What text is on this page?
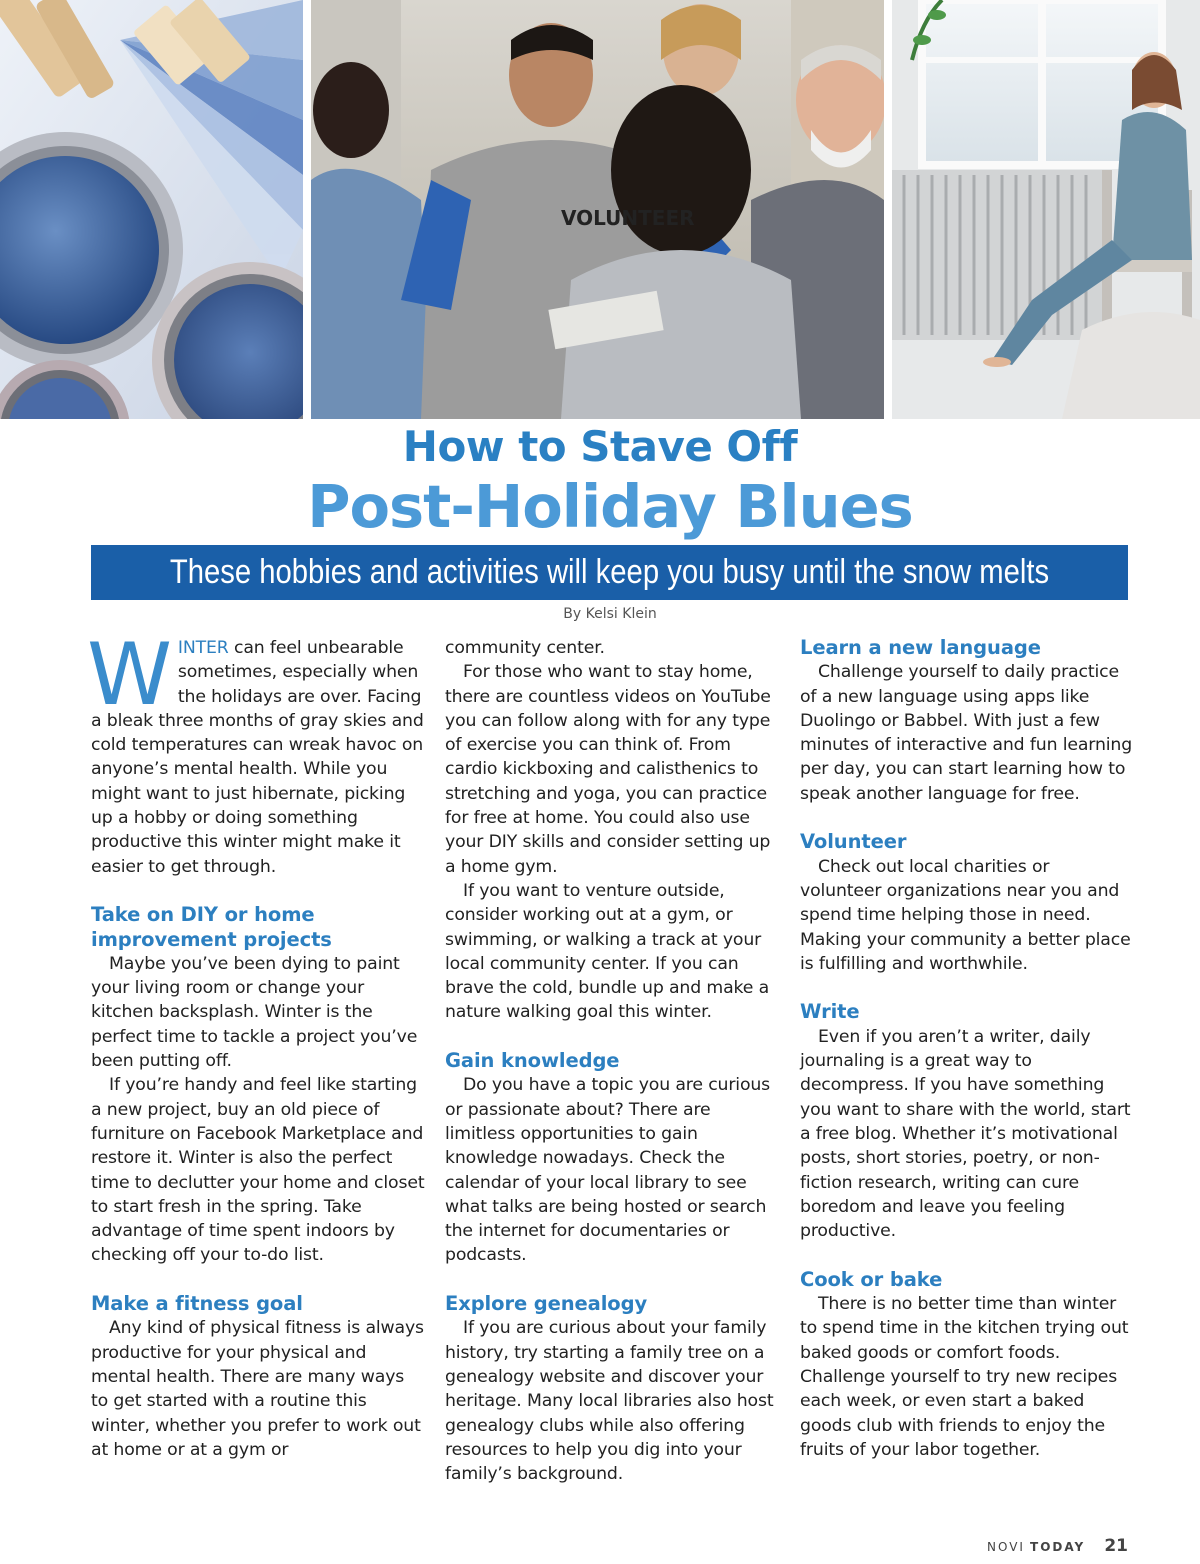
VOLUNTEER
How to Stave Off
Post-Holiday Blues

These hobbies and activities will keep you busy until the snow melts

By Kelsi Klein

WINTER can feel unbearable sometimes, especially when the holidays are over. Facing a bleak three months of gray skies and cold temperatures can wreak havoc on anyone’s mental health. While you might want to just hibernate, picking up a hobby or doing something productive this winter might make it easier to get through.

Take on DIY or home improvement projects

Maybe you’ve been dying to paint your living room or change your kitchen backsplash. Winter is the perfect time to tackle a project you’ve been putting off.

If you’re handy and feel like starting a new project, buy an old piece of furniture on Facebook Marketplace and restore it. Winter is also the perfect time to declutter your home and closet to start fresh in the spring. Take advantage of time spent indoors by checking off your to-do list.

Make a fitness goal

Any kind of physical fitness is always productive for your physical and mental health. There are many ways to get started with a routine this winter, whether you prefer to work out at home or at a gym or

community center.

For those who want to stay home, there are countless videos on YouTube you can follow along with for any type of exercise you can think of. From cardio kickboxing and calisthenics to stretching and yoga, you can practice for free at home. You could also use your DIY skills and consider setting up a home gym.

If you want to venture outside, consider working out at a gym, or swimming, or walking a track at your local community center. If you can brave the cold, bundle up and make a nature walking goal this winter.

Gain knowledge

Do you have a topic you are curious or passionate about? There are limitless opportunities to gain knowledge nowadays. Check the calendar of your local library to see what talks are being hosted or search the internet for documentaries or podcasts.

Explore genealogy

If you are curious about your family history, try starting a family tree on a genealogy website and discover your heritage. Many local libraries also host genealogy clubs while also offering resources to help you dig into your family’s background.

Learn a new language

Challenge yourself to daily practice of a new language using apps like Duolingo or Babbel. With just a few minutes of interactive and fun learning per day, you can start learning how to speak another language for free.

Volunteer

Check out local charities or volunteer organizations near you and spend time helping those in need. Making your community a better place is fulfilling and worthwhile.

Write

Even if you aren’t a writer, daily journaling is a great way to decompress. If you have something you want to share with the world, start a free blog. Whether it’s motivational posts, short stories, poetry, or non-fiction research, writing can cure boredom and leave you feeling productive.

Cook or bake

There is no better time than winter to spend time in the kitchen trying out baked goods or comfort foods. Challenge yourself to try new recipes each week, or even start a baked goods club with friends to enjoy the fruits of your labor together.

NOVI TODAY 21
